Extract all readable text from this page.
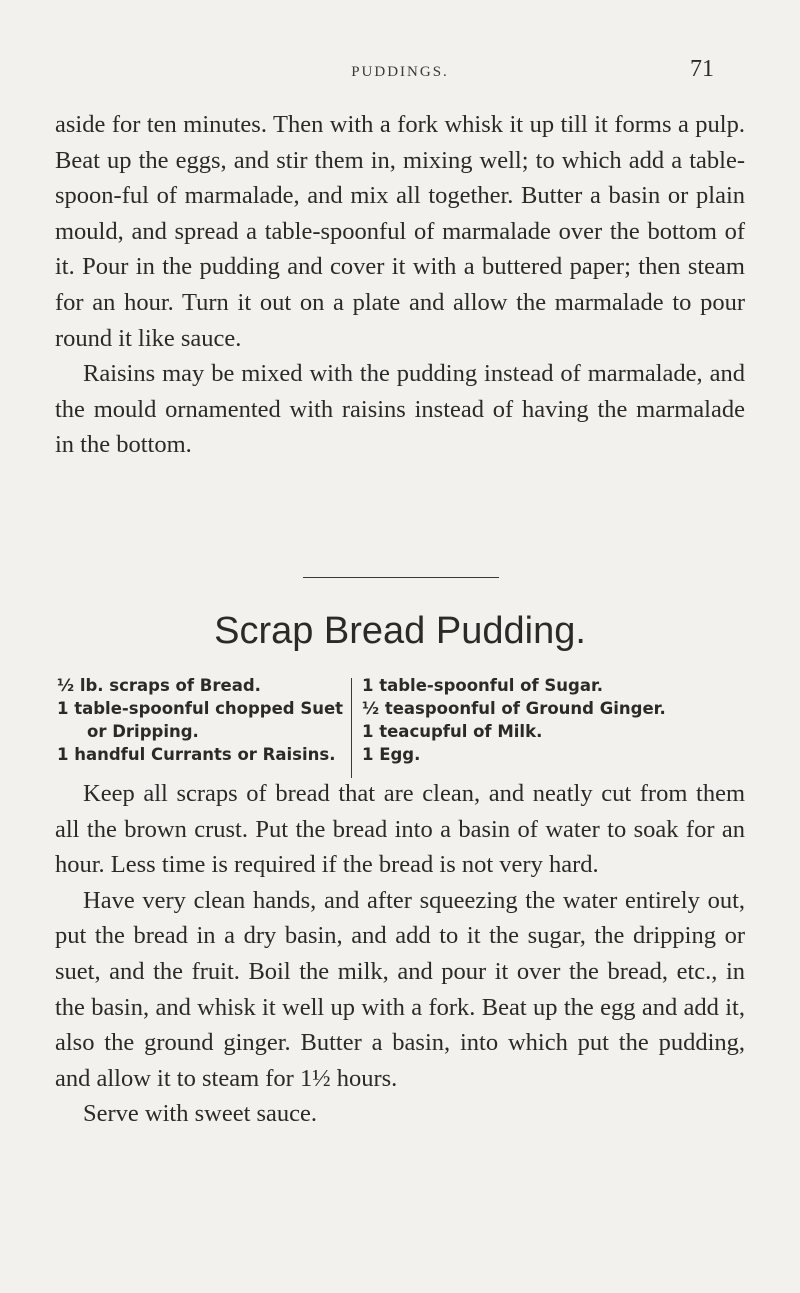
PUDDINGS.	71

aside for ten minutes. Then with a fork whisk it up till it forms a pulp. Beat up the eggs, and stir them in, mixing well; to which add a table-spoon-ful of marmalade, and mix all together. Butter a basin or plain mould, and spread a table-spoonful of marmalade over the bottom of it. Pour in the pudding and cover it with a buttered paper; then steam for an hour. Turn it out on a plate and allow the marmalade to pour round it like sauce.

Raisins may be mixed with the pudding instead of marmalade, and the mould ornamented with raisins instead of having the marmalade in the bottom.

Scrap Bread Pudding.
½ lb. scraps of Bread.
1 table-spoonful chopped Suet
or Dripping.
1 handful Currants or Raisins.
1 table-spoonful of Sugar.
½ teaspoonful of Ground Ginger.
1 teacupful of Milk.
1 Egg.

Keep all scraps of bread that are clean, and neatly cut from them all the brown crust. Put the bread into a basin of water to soak for an hour. Less time is required if the bread is not very hard.

Have very clean hands, and after squeezing the water entirely out, put the bread in a dry basin, and add to it the sugar, the dripping or suet, and the fruit. Boil the milk, and pour it over the bread, etc., in the basin, and whisk it well up with a fork. Beat up the egg and add it, also the ground ginger. Butter a basin, into which put the pudding, and allow it to steam for 1½ hours.

Serve with sweet sauce.
